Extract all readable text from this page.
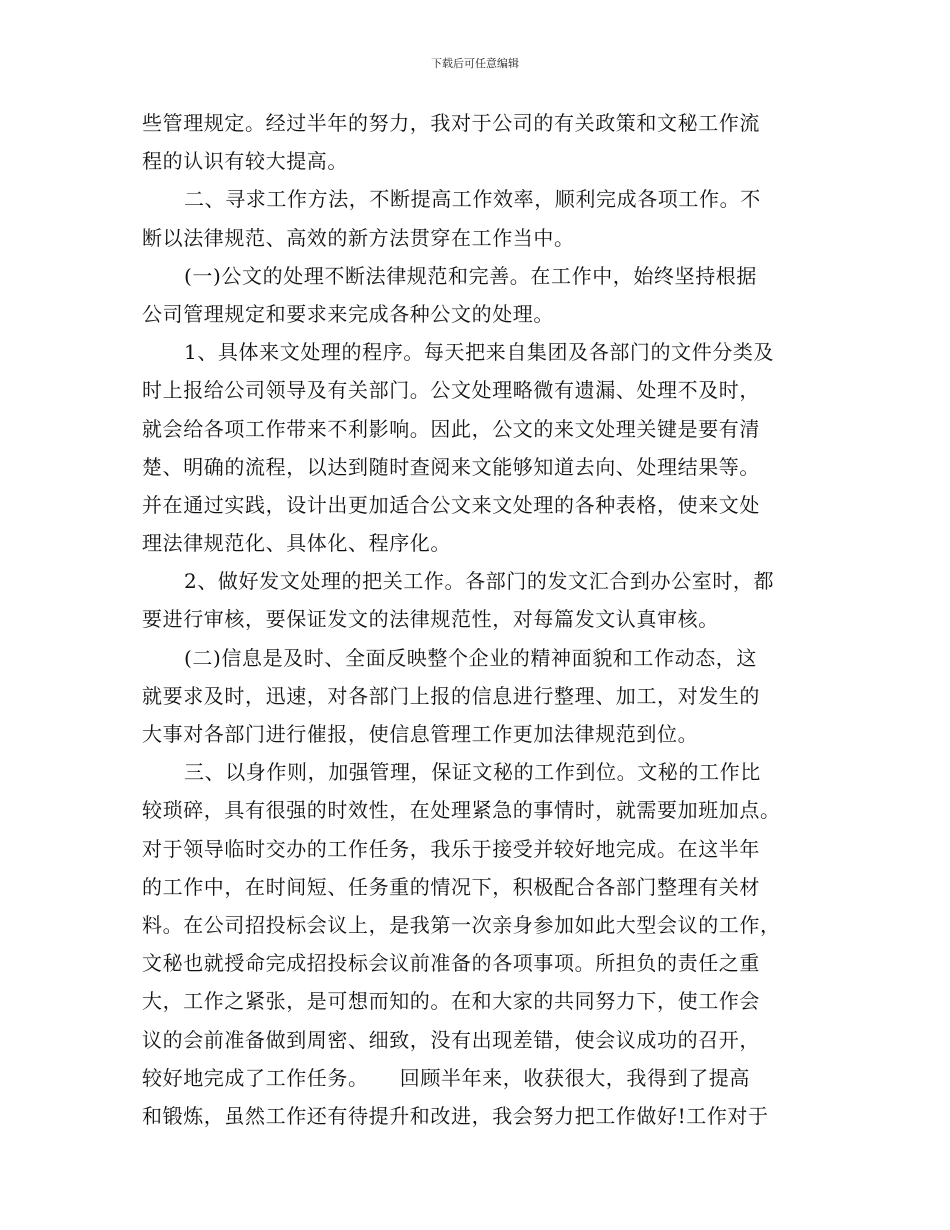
下载后可任意编辑
些管理规定。经过半年的努力，我对于公司的有关政策和文秘工作流
程的认识有较大提高。
二、寻求工作方法，不断提高工作效率，顺利完成各项工作。不
断以法律规范、高效的新方法贯穿在工作当中。
(一)公文的处理不断法律规范和完善。在工作中，始终坚持根据
公司管理规定和要求来完成各种公文的处理。
1、具体来文处理的程序。每天把来自集团及各部门的文件分类及
时上报给公司领导及有关部门。公文处理略微有遗漏、处理不及时，
就会给各项工作带来不利影响。因此，公文的来文处理关键是要有清
楚、明确的流程，以达到随时查阅来文能够知道去向、处理结果等。
并在通过实践，设计出更加适合公文来文处理的各种表格，使来文处
理法律规范化、具体化、程序化。
2、做好发文处理的把关工作。各部门的发文汇合到办公室时，都
要进行审核，要保证发文的法律规范性，对每篇发文认真审核。
(二)信息是及时、全面反映整个企业的精神面貌和工作动态，这
就要求及时，迅速，对各部门上报的信息进行整理、加工，对发生的
大事对各部门进行催报，使信息管理工作更加法律规范到位。
三、以身作则，加强管理，保证文秘的工作到位。文秘的工作比
较琐碎，具有很强的时效性，在处理紧急的事情时，就需要加班加点。
对于领导临时交办的工作任务，我乐于接受并较好地完成。在这半年
的工作中，在时间短、任务重的情况下，积极配合各部门整理有关材
料。在公司招投标会议上，是我第一次亲身参加如此大型会议的工作，
文秘也就授命完成招投标会议前准备的各项事项。所担负的责任之重
大，工作之紧张，是可想而知的。在和大家的共同努力下，使工作会
议的会前准备做到周密、细致，没有出现差错，使会议成功的召开，
较好地完成了工作任务。　　回顾半年来，收获很大，我得到了提高
和锻炼，虽然工作还有待提升和改进，我会努力把工作做好!工作对于
